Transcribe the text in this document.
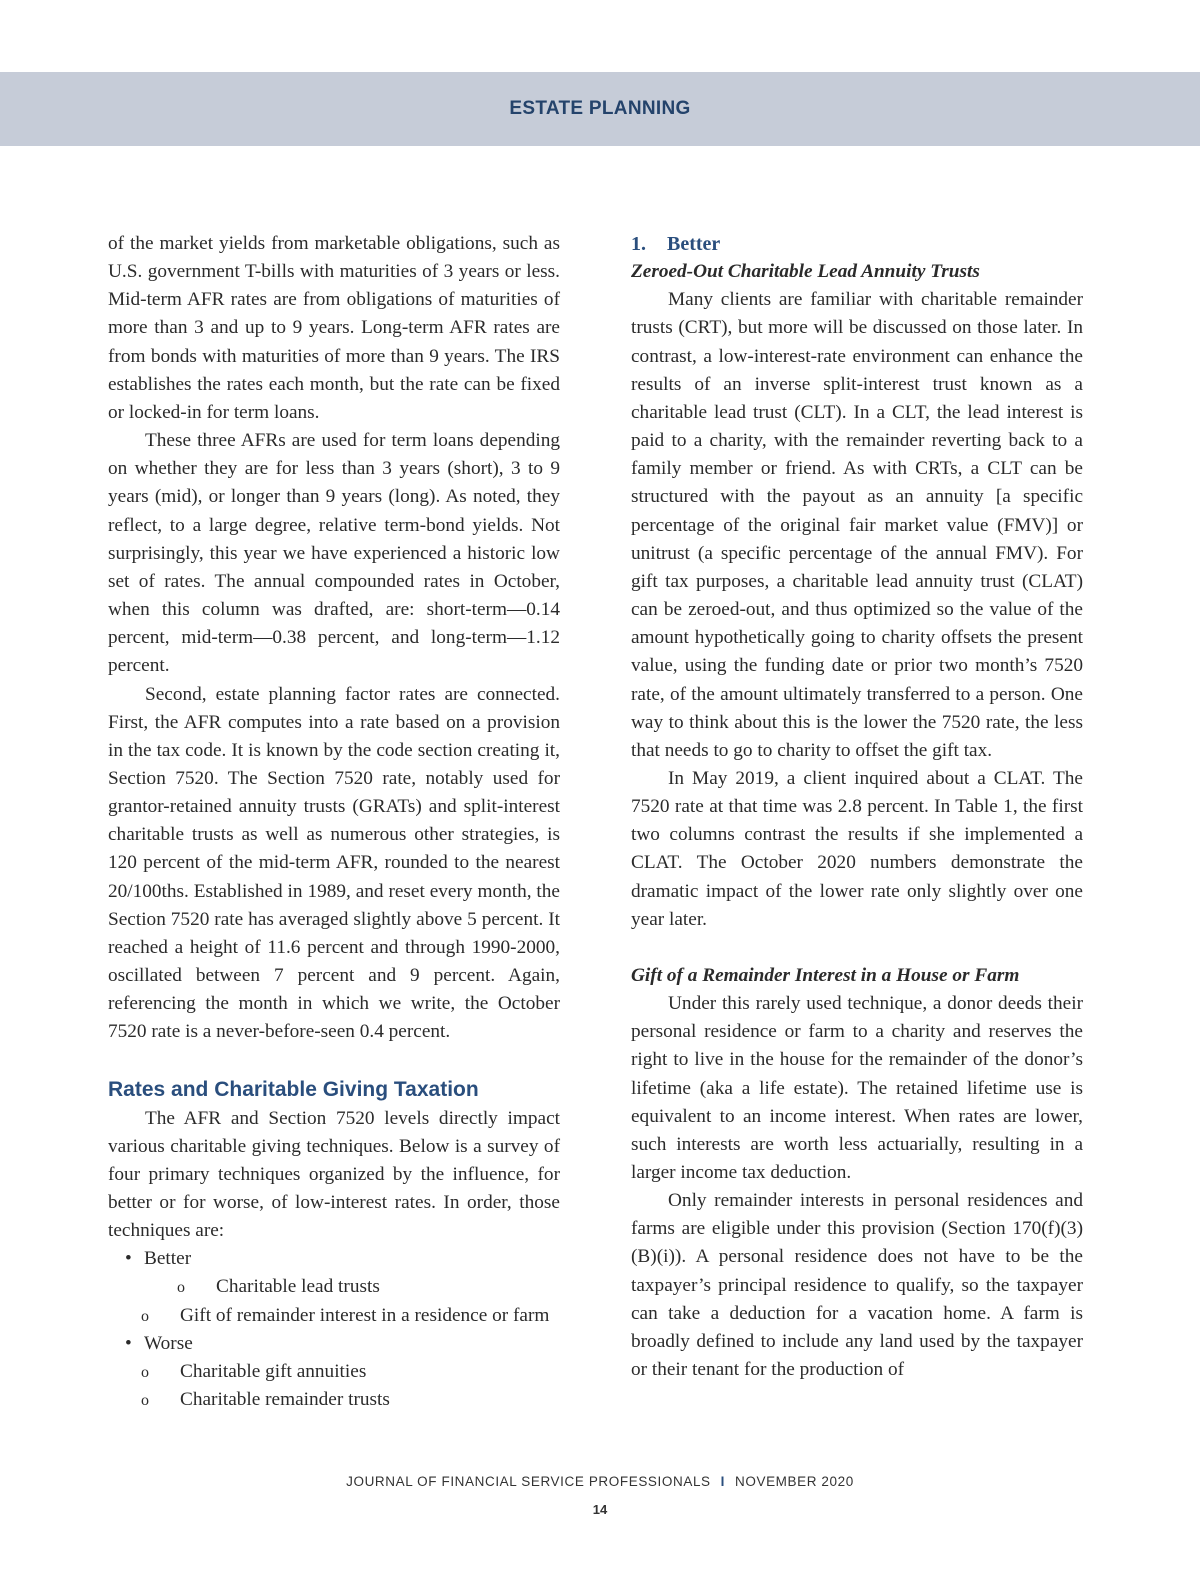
ESTATE PLANNING

of the market yields from marketable obligations, such as U.S. government T-bills with maturities of 3 years or less. Mid-term AFR rates are from obligations of maturities of more than 3 and up to 9 years. Long-term AFR rates are from bonds with maturities of more than 9 years. The IRS establishes the rates each month, but the rate can be fixed or locked-in for term loans.

These three AFRs are used for term loans depending on whether they are for less than 3 years (short), 3 to 9 years (mid), or longer than 9 years (long). As noted, they reflect, to a large degree, relative term-bond yields. Not surprisingly, this year we have experienced a historic low set of rates. The annual compounded rates in October, when this column was drafted, are: short-term—0.14 percent, mid-term—0.38 percent, and long-term—1.12 percent.

Second, estate planning factor rates are connected. First, the AFR computes into a rate based on a provision in the tax code. It is known by the code section creating it, Section 7520. The Section 7520 rate, notably used for grantor-retained annuity trusts (GRATs) and split-interest charitable trusts as well as numerous other strategies, is 120 percent of the mid-term AFR, rounded to the nearest 20/100ths. Established in 1989, and reset every month, the Section 7520 rate has averaged slightly above 5 percent. It reached a height of 11.6 percent and through 1990-2000, oscillated between 7 percent and 9 percent. Again, referencing the month in which we write, the October 7520 rate is a never-before-seen 0.4 percent.

Rates and Charitable Giving Taxation

The AFR and Section 7520 levels directly impact various charitable giving techniques. Below is a survey of four primary techniques organized by the influence, for better or for worse, of low-interest rates. In order, those techniques are:

• Better
o Charitable lead trusts
o Gift of remainder interest in a residence or farm
• Worse
o Charitable gift annuities
o Charitable remainder trusts

1. Better

Zeroed-Out Charitable Lead Annuity Trusts

Many clients are familiar with charitable remainder trusts (CRT), but more will be discussed on those later. In contrast, a low-interest-rate environment can enhance the results of an inverse split-interest trust known as a charitable lead trust (CLT). In a CLT, the lead interest is paid to a charity, with the remainder reverting back to a family member or friend. As with CRTs, a CLT can be structured with the payout as an annuity [a specific percentage of the original fair market value (FMV)] or unitrust (a specific percentage of the annual FMV). For gift tax purposes, a charitable lead annuity trust (CLAT) can be zeroed-out, and thus optimized so the value of the amount hypothetically going to charity offsets the present value, using the funding date or prior two month’s 7520 rate, of the amount ultimately transferred to a person. One way to think about this is the lower the 7520 rate, the less that needs to go to charity to offset the gift tax.

In May 2019, a client inquired about a CLAT. The 7520 rate at that time was 2.8 percent. In Table 1, the first two columns contrast the results if she implemented a CLAT. The October 2020 numbers demonstrate the dramatic impact of the lower rate only slightly over one year later.

Gift of a Remainder Interest in a House or Farm

Under this rarely used technique, a donor deeds their personal residence or farm to a charity and reserves the right to live in the house for the remainder of the donor’s lifetime (aka a life estate). The retained lifetime use is equivalent to an income interest. When rates are lower, such interests are worth less actuarially, resulting in a larger income tax deduction.

Only remainder interests in personal residences and farms are eligible under this provision (Section 170(f)(3)(B)(i)). A personal residence does not have to be the taxpayer’s principal residence to qualify, so the taxpayer can take a deduction for a vacation home. A farm is broadly defined to include any land used by the taxpayer or their tenant for the production of

JOURNAL OF FINANCIAL SERVICE PROFESSIONALS I NOVEMBER 2020
14
